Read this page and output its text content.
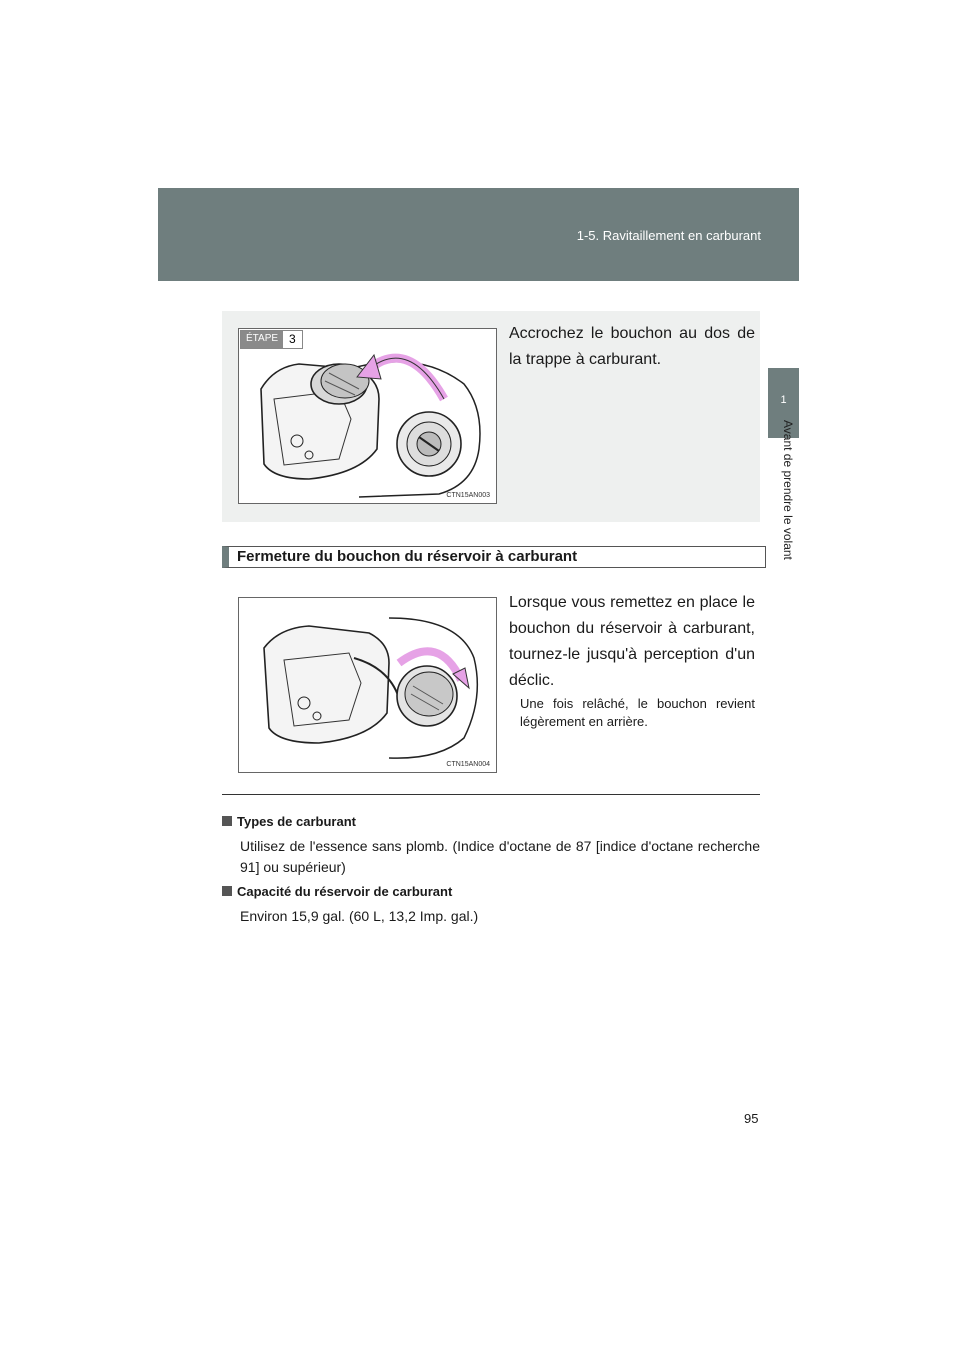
1-5. Ravitaillement en carburant
1
Avant de prendre le volant
ÉTAPE 3
CTN15AN003
Accrochez le bouchon au dos de la trappe à carburant.
Fermeture du bouchon du réservoir à carburant
CTN15AN004
Lorsque vous remettez en place le bouchon du réservoir à carburant, tournez-le jusqu'à perception d'un déclic.
Une fois relâché, le bouchon revient légèrement en arrière.
Types de carburant
Utilisez de l'essence sans plomb. (Indice d'octane de 87 [indice d'octane recherche 91] ou supérieur)
Capacité du réservoir de carburant
Environ 15,9 gal. (60 L, 13,2 Imp. gal.)
95
